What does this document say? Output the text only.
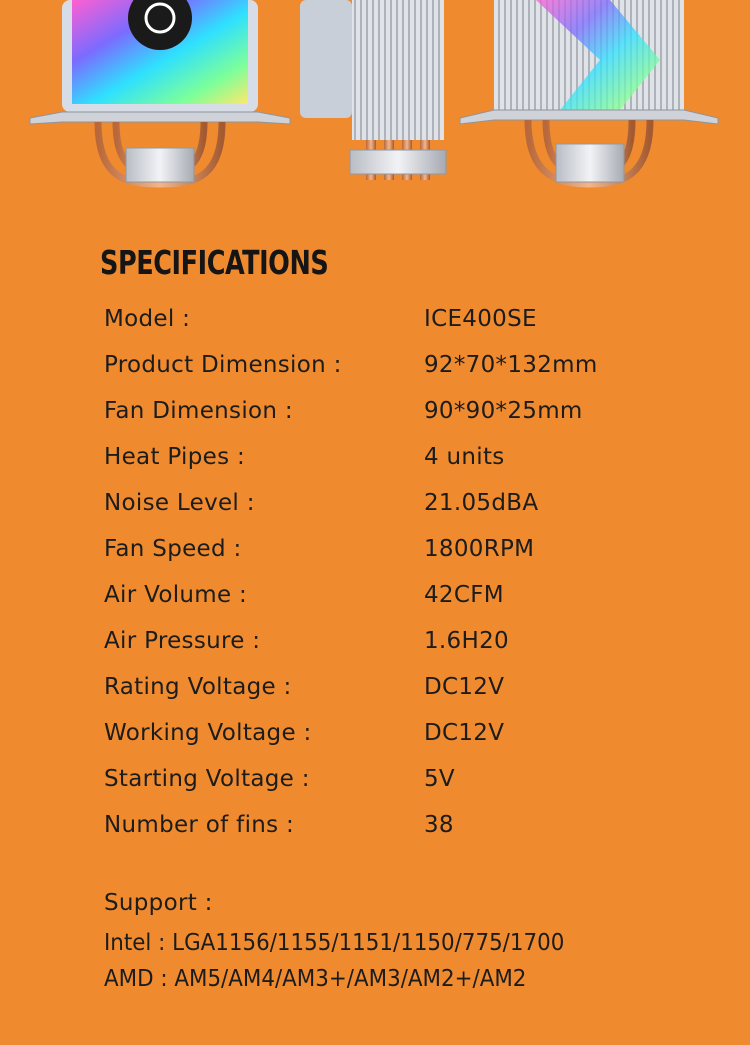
SPECIFICATIONS
Model :	ICE400SE
Product Dimension :	92*70*132mm
Fan Dimension :	90*90*25mm
Heat Pipes :	4 units
Noise Level :	21.05dBA
Fan Speed :	1800RPM
Air Volume :	42CFM
Air Pressure :	1.6H20
Rating Voltage :	DC12V
Working Voltage :	DC12V
Starting Voltage :	5V
Number of fins :	38
Support :
Intel : LGA1156/1155/1151/1150/775/1700
AMD : AM5/AM4/AM3+/AM3/AM2+/AM2
